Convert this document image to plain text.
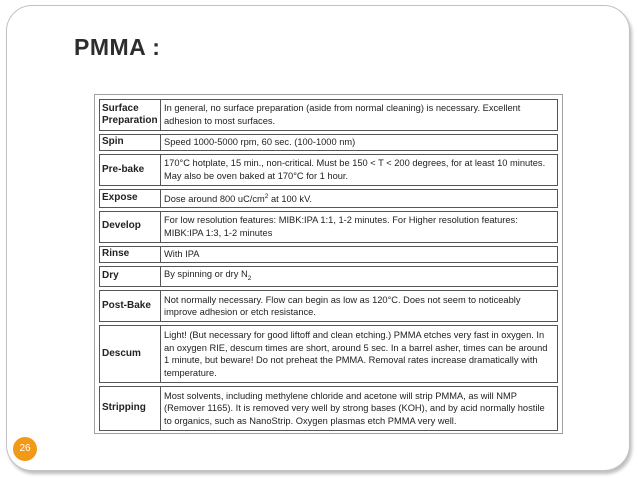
PMMA :
Surface Preparation	In general, no surface preparation (aside from normal cleaning) is necessary. Excellent adhesion to most surfaces.
Spin	Speed 1000-5000 rpm, 60 sec. (100-1000 nm)
Pre-bake	170°C hotplate, 15 min., non-critical. Must be 150 < T < 200 degrees, for at least 10 minutes. May also be oven baked at 170°C for 1 hour.
Expose	Dose around 800 $uC/cm^2$ at 100 kV.
Develop	For low resolution features: MIBK:IPA 1:1, 1-2 minutes. For Higher resolution features: MIBK:IPA 1:3, 1-2 minutes
Rinse	With IPA
Dry	By spinning or dry $N_2$
Post-Bake	Not normally necessary. Flow can begin as low as 120°C. Does not seem to noticeably improve adhesion or etch resistance.
Descum	Light! (But necessary for good liftoff and clean etching.) PMMA etches very fast in oxygen. In an oxygen RIE, descum times are short, around 5 sec. In a barrel asher, times can be around 1 minute, but beware! Do not preheat the PMMA. Removal rates increase dramatically with temperature.
Stripping	Most solvents, including methylene chloride and acetone will strip PMMA, as will NMP (Remover 1165). It is removed very well by strong bases (KOH), and by acid normally hostile to organics, such as NanoStrip. Oxygen plasmas etch PMMA very well.
26
